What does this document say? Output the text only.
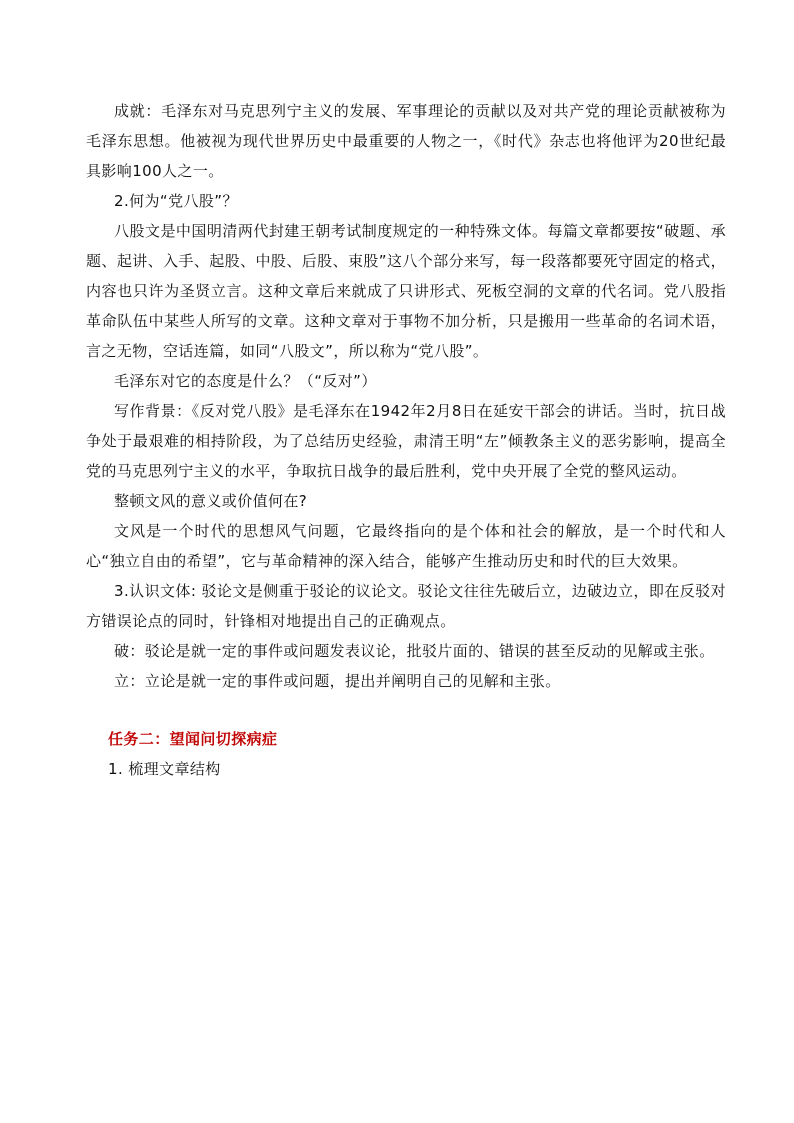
成就：毛泽东对马克思列宁主义的发展、军事理论的贡献以及对共产党的理论贡献被称为毛泽东思想。他被视为现代世界历史中最重要的人物之一，《时代》杂志也将他评为20世纪最具影响100人之一。

2.何为“党八股”？

八股文是中国明清两代封建王朝考试制度规定的一种特殊文体。每篇文章都要按“破题、承题、起讲、入手、起股、中股、后股、束股”这八个部分来写，每一段落都要死守固定的格式，内容也只许为圣贤立言。这种文章后来就成了只讲形式、死板空洞的文章的代名词。党八股指革命队伍中某些人所写的文章。这种文章对于事物不加分析，只是搬用一些革命的名词术语，言之无物，空话连篇，如同“八股文”，所以称为“党八股”。

毛泽东对它的态度是什么？（“反对”）

写作背景：《反对党八股》是毛泽东在1942年2月8日在延安干部会的讲话。当时，抗日战争处于最艰难的相持阶段，为了总结历史经验，肃清王明“左”倾教条主义的恶劣影响，提高全党的马克思列宁主义的水平，争取抗日战争的最后胜利，党中央开展了全党的整风运动。

整顿文风的意义或价值何在?

文风是一个时代的思想风气问题，它最终指向的是个体和社会的解放，是一个时代和人心“独立自由的希望”，它与革命精神的深入结合，能够产生推动历史和时代的巨大效果。

3.认识文体: 驳论文是侧重于驳论的议论文。驳论文往往先破后立，边破边立，即在反驳对方错误论点的同时，针锋相对地提出自己的正确观点。

破：驳论是就一定的事件或问题发表议论，批驳片面的、错误的甚至反动的见解或主张。

立：立论是就一定的事件或问题，提出并阐明自己的见解和主张。

任务二：望闻问切探病症

1. 梳理文章结构
